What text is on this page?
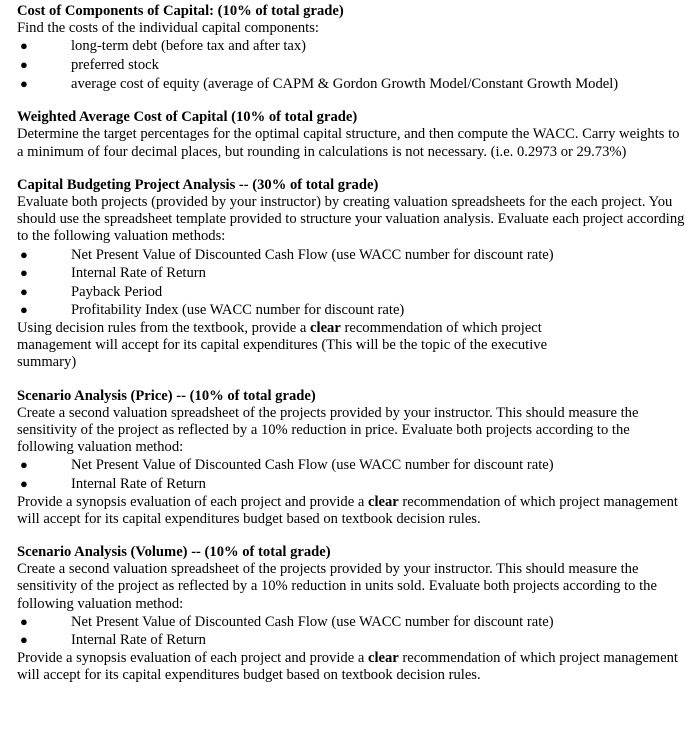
Cost of Components of Capital: (10% of total grade)

Find the costs of the individual capital components:

●	long-term debt (before tax and after tax)
●	preferred stock
●	average cost of equity (average of CAPM & Gordon Growth Model/Constant Growth Model)

Weighted Average Cost of Capital (10% of total grade)

Determine the target percentages for the optimal capital structure, and then compute the WACC. Carry weights to a minimum of four decimal places, but rounding in calculations is not necessary. (i.e. 0.2973 or 29.73%)

Capital Budgeting Project Analysis -- (30% of total grade)

Evaluate both projects (provided by your instructor) by creating valuation spreadsheets for the each project. You should use the spreadsheet template provided to structure your valuation analysis. Evaluate each project according to the following valuation methods:

●	Net Present Value of Discounted Cash Flow (use WACC number for discount rate)
●	Internal Rate of Return
●	Payback Period
●	Profitability Index (use WACC number for discount rate)

Using decision rules from the textbook, provide a clear recommendation of which project management will accept for its capital expenditures (This will be the topic of the executive summary)

Scenario Analysis (Price) -- (10% of total grade)

Create a second valuation spreadsheet of the projects provided by your instructor. This should measure the sensitivity of the project as reflected by a 10% reduction in price. Evaluate both projects according to the following valuation method:

●	Net Present Value of Discounted Cash Flow (use WACC number for discount rate)
●	Internal Rate of Return

Provide a synopsis evaluation of each project and provide a clear recommendation of which project management will accept for its capital expenditures budget based on textbook decision rules.

Scenario Analysis (Volume) -- (10% of total grade)

Create a second valuation spreadsheet of the projects provided by your instructor. This should measure the sensitivity of the project as reflected by a 10% reduction in units sold. Evaluate both projects according to the following valuation method:

●	Net Present Value of Discounted Cash Flow (use WACC number for discount rate)
●	Internal Rate of Return

Provide a synopsis evaluation of each project and provide a clear recommendation of which project management will accept for its capital expenditures budget based on textbook decision rules.
